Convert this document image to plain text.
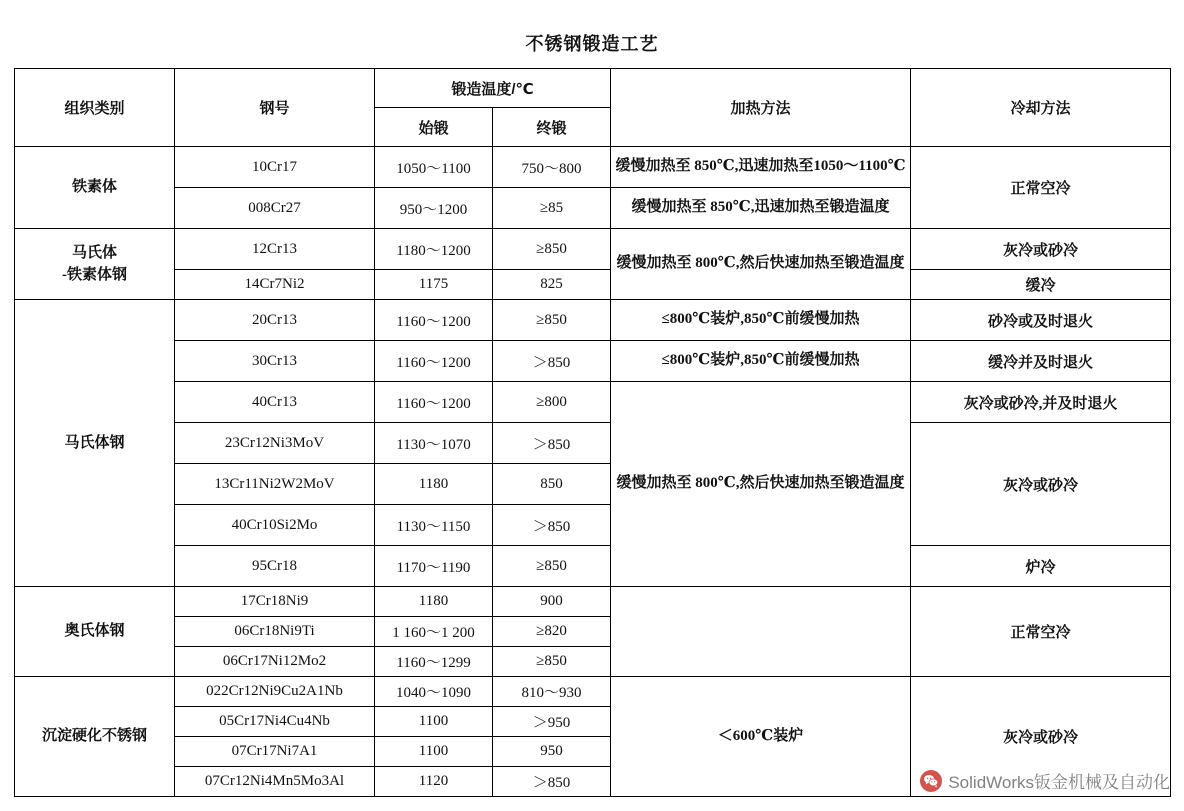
不锈钢锻造工艺
组织类别	钢号	锻造温度/℃		加热方法	冷却方法
		始锻	终锻		
铁素体	10Cr17	1050～1100	750～800	缓慢加热至 850℃,迅速加热至1050～1100℃	正常空冷
	008Cr27	950～1200	≥85	缓慢加热至 850℃,迅速加热至锻造温度	
马氏体
-铁素体钢	12Cr13	1180～1200	≥850	缓慢加热至 800℃,然后快速加热至锻造温度	灰冷或砂冷
	14Cr7Ni2	1175	825		缓冷
马氏体钢	20Cr13	1160～1200	≥850	≤800℃装炉,850℃前缓慢加热	砂冷或及时退火
	30Cr13	1160～1200	＞850	≤800℃装炉,850℃前缓慢加热	缓冷并及时退火
	40Cr13	1160～1200	≥800	缓慢加热至 800℃,然后快速加热至锻造温度	灰冷或砂冷,并及时退火
	23Cr12Ni3MoV	1130～1070	＞850		灰冷或砂冷
	13Cr11Ni2W2MoV	1180	850		
	40Cr10Si2Mo	1130～1150	＞850		
	95Cr18	1170～1190	≥850		炉冷
奥氏体钢	17Cr18Ni9	1180	900		正常空冷
	06Cr18Ni9Ti	1 160～1 200	≥820		
	06Cr17Ni12Mo2	1160～1299	≥850		
沉淀硬化不锈钢	022Cr12Ni9Cu2A1Nb	1040～1090	810～930	＜600℃装炉	灰冷或砂冷
	05Cr17Ni4Cu4Nb	1100	＞950		
	07Cr17Ni7A1	1100	950		
	07Cr12Ni4Mn5Mo3Al	1120	＞850			SolidWorks钣金机械及自动化
